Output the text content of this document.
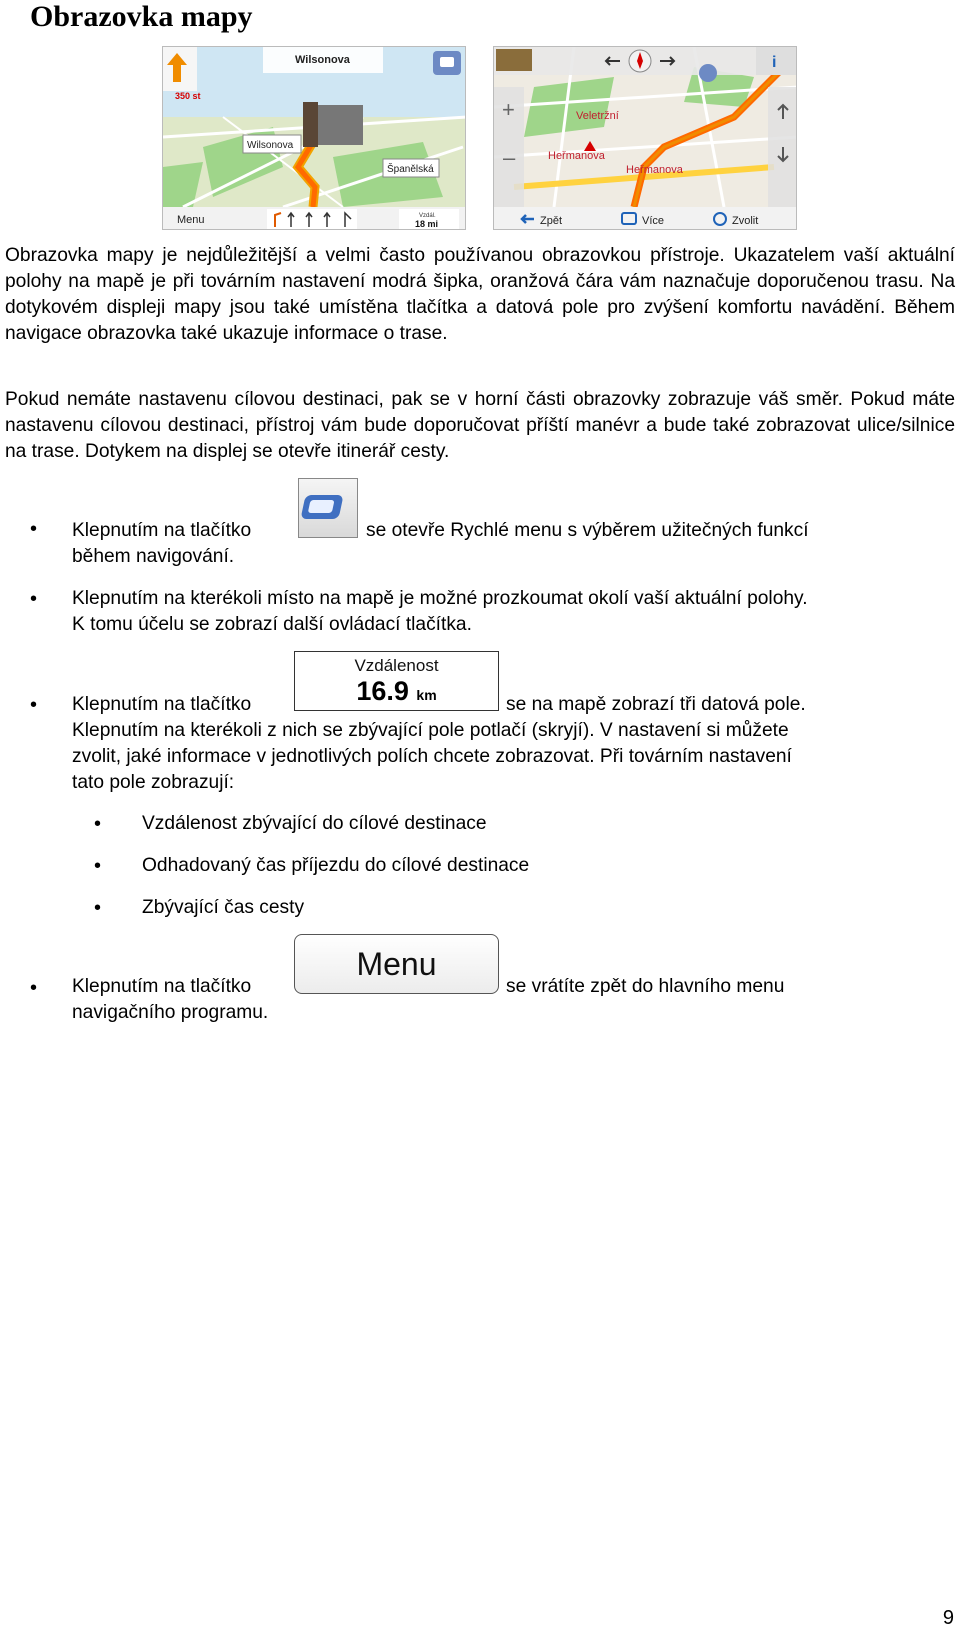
Obrazovka mapy
350 st
Wilsonova
Wilsonova
Španělská
Menu	Vzdál.
18 mi
i
+
–
Veletržní
Heřmanova
Heřmanova
Zpět	Více	Zvolit

Obrazovka mapy je nejdůležitější a velmi často používanou obrazovkou přístroje. Ukazatelem vaší aktuální polohy na mapě je při továrním nastavení modrá šipka, oranžová čára vám naznačuje doporučenou trasu. Na dotykovém displeji mapy jsou také umístěna tlačítka a datová pole pro zvýšení komfortu navádění. Během navigace obrazovka také ukazuje informace o trase.

Pokud nemáte nastavenu cílovou destinaci, pak se v horní části obrazovky zobrazuje váš směr. Pokud máte nastavenu cílovou destinaci, přístroj vám bude doporučovat příští manévr a bude také zobrazovat ulice/silnice na trase. Dotykem na displej se otevře itinerář cesty.

• Klepnutím na tlačítko	se otevře Rychlé menu s výběrem užitečných funkcí
během navigování.
• Klepnutím na kterékoli místo na mapě je možné prozkoumat okolí vaší aktuální polohy.
K tomu účelu se zobrazí další ovládací tlačítka.
• Klepnutím na tlačítko
Vzdálenost
16.9 km	se na mapě zobrazí tři datová pole.
Klepnutím na kterékoli z nich se zbývající pole potlačí (skryjí). V nastavení si můžete
zvolit, jaké informace v jednotlivých polích chcete zobrazovat. Při továrním nastavení
tato pole zobrazují:
• Vzdálenost zbývající do cílové destinace
• Odhadovaný čas příjezdu do cílové destinace
• Zbývající čas cesty
• Klepnutím na tlačítko
Menu
se vrátíte zpět do hlavního menu
navigačního programu.
9
